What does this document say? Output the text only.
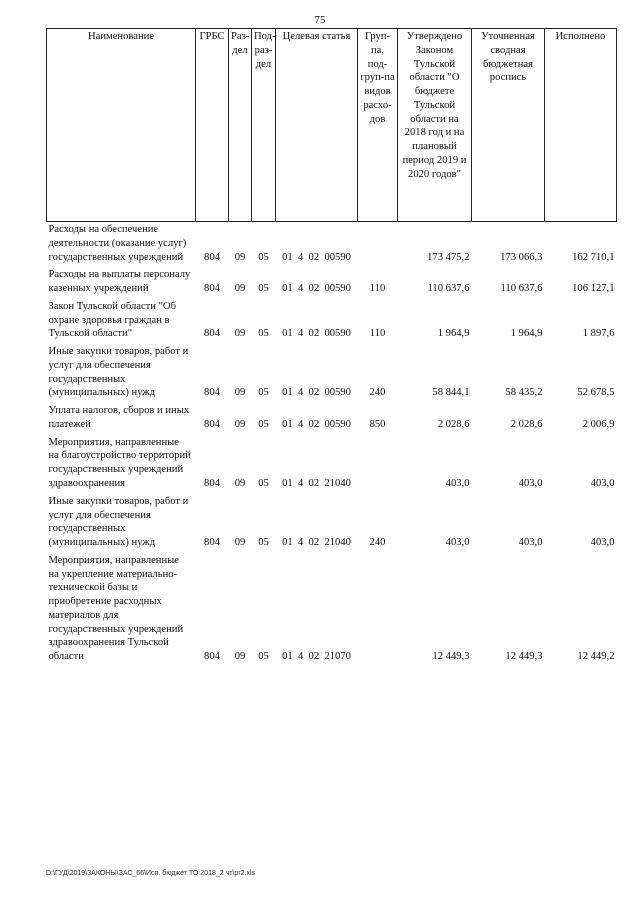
75
Наименование	ГРБС	Раз-дел	Под-раз-дел	Целевая статья	Груп-па, под-груп-па видов расхо-дов	Утверждено Законом Тульской области "О бюджете Тульской области на 2018 год и на плановый период 2019 и 2020 годов"	Уточненная сводная бюджетная роспись	Исполнено
Расходы на обеспечение деятельности (оказание услуг) государственных учреждений	804	09	05	01  4  02  00590		173 475,2	173 066,3	162 710,1
Расходы на выплаты персоналу казенных учреждений	804	09	05	01  4  02  00590	110	110 637,6	110 637,6	106 127,1
Закон Тульской области "Об охране здоровья граждан в Тульской области"	804	09	05	01  4  02  00590	110	1 964,9	1 964,9	1 897,6
Иные закупки товаров, работ и услуг для обеспечения государственных (муниципальных) нужд	804	09	05	01  4  02  00590	240	58 844,1	58 435,2	52 678,5
Уплата налогов, сборов и иных платежей	804	09	05	01  4  02  00590	850	2 028,6	2 028,6	2 006,9
Мероприятия, направленные на благоустройство территорий государственных учреждений здравоохранения	804	09	05	01  4  02  21040		403,0	403,0	403,0
Иные закупки товаров, работ и услуг для обеспечения государственных (муниципальных) нужд	804	09	05	01  4  02  21040	240	403,0	403,0	403,0
Мероприятия, направленные на укрепление материально-технической базы и приобретение расходных материалов для государственных учреждений здравоохранения Тульской области	804	09	05	01  4  02  21070		12 449,3	12 449,3	12 449,2
D:\ГУД\2019\ЗАКОНЫ\ЗАС_66\Исп. бюджет ТО 2018_2 чт\pr2.xls
